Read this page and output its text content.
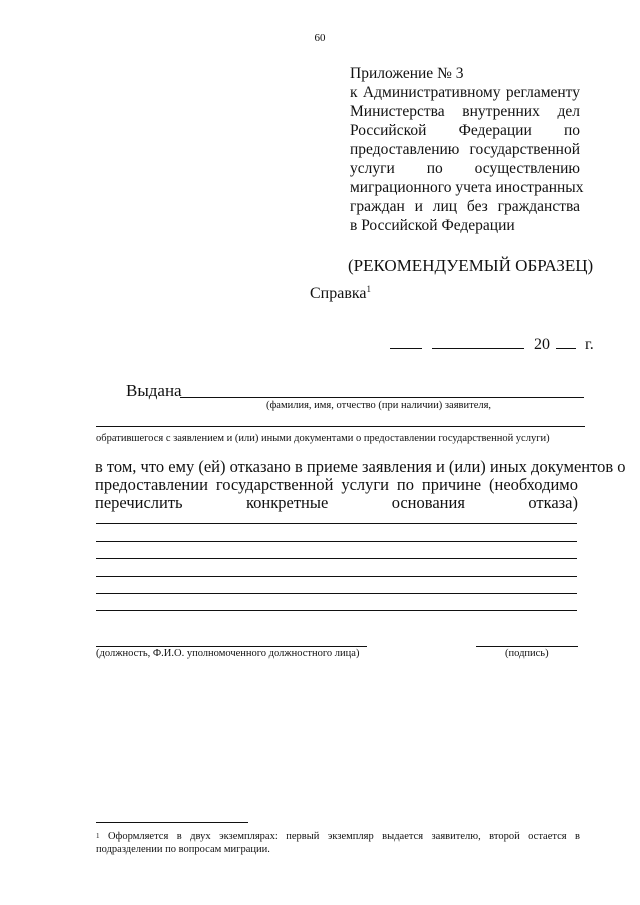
60
Приложение № 3
к Административному регламенту
Министерства внутренних дел
Российской Федерации по
предоставлению государственной
услуги по осуществлению
миграционного учета иностранных
граждан и лиц без гражданства
в Российской Федерации
(РЕКОМЕНДУЕМЫЙ ОБРАЗЕЦ)
Справка$^1$
20 г.
Выдана
(фамилия, имя, отчество (при наличии) заявителя,
обратившегося с заявлением и (или) иными документами о предоставлении государственной услуги)
в том, что ему (ей) отказано в приеме заявления и (или) иных документов о
предоставлении государственной услуги по причине (необходимо
перечислить конкретные основания отказа)
(должность, Ф.И.О. уполномоченного должностного лица)	(подпись)
$^1$ Оформляется в двух экземплярах: первый экземпляр выдается заявителю, второй остается в подразделении по вопросам миграции.
